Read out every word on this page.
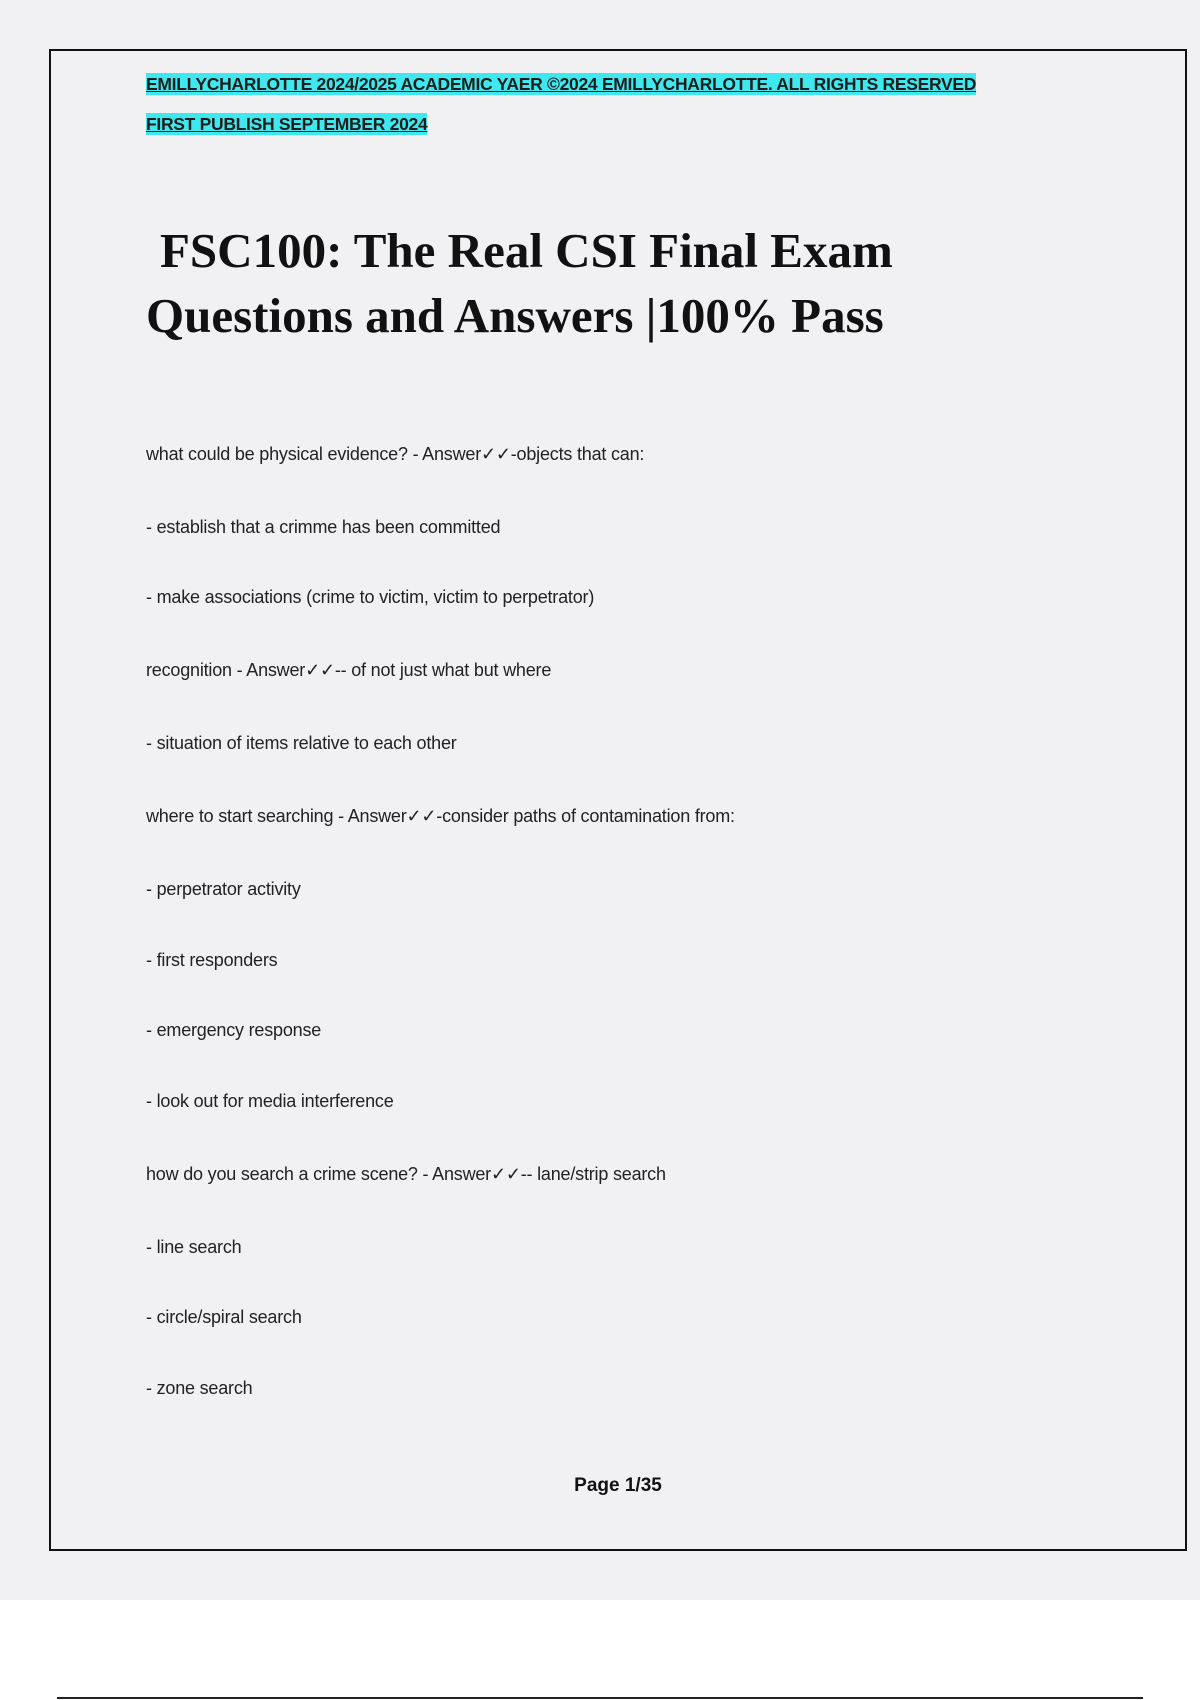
EMILLYCHARLOTTE 2024/2025 ACADEMIC YAER ©2024 EMILLYCHARLOTTE. ALL RIGHTS RESERVED
FIRST PUBLISH SEPTEMBER 2024
FSC100: The Real CSI Final Exam
Questions and Answers |100% Pass
what could be physical evidence? - Answer✓✓-objects that can:
- establish that a crimme has been committed
- make associations (crime to victim, victim to perpetrator)
recognition - Answer✓✓-- of not just what but where
- situation of items relative to each other
where to start searching - Answer✓✓-consider paths of contamination from:
- perpetrator activity
- first responders
- emergency response
- look out for media interference
how do you search a crime scene? - Answer✓✓-- lane/strip search
- line search
- circle/spiral search
- zone search
Page 1/35
